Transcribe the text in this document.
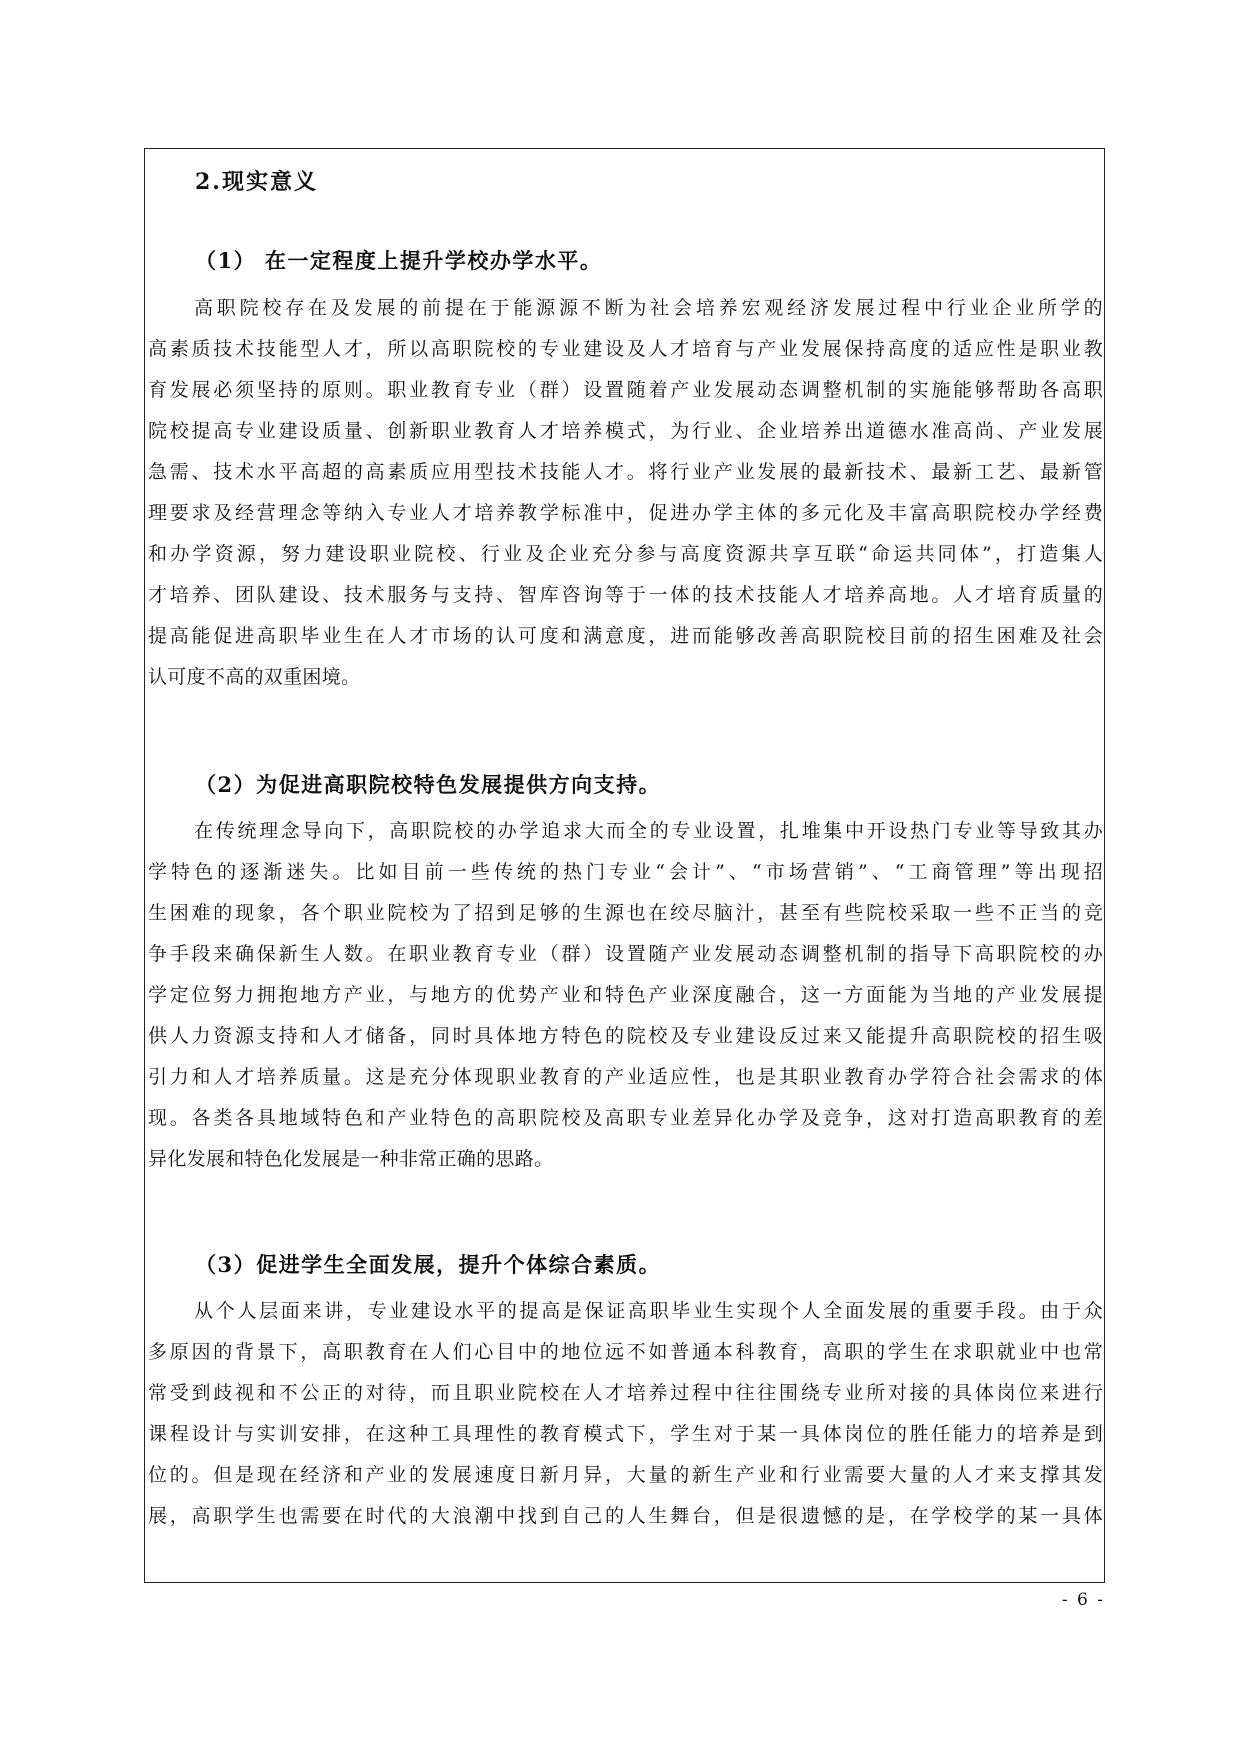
2.现实意义
（1） 在一定程度上提升学校办学水平。
高职院校存在及发展的前提在于能源源不断为社会培养宏观经济发展过程中行业企业所学的
高素质技术技能型人才，所以高职院校的专业建设及人才培育与产业发展保持高度的适应性是职业教
育发展必须坚持的原则。职业教育专业（群）设置随着产业发展动态调整机制的实施能够帮助各高职
院校提高专业建设质量、创新职业教育人才培养模式，为行业、企业培养出道德水准高尚、产业发展
急需、技术水平高超的高素质应用型技术技能人才。将行业产业发展的最新技术、最新工艺、最新管
理要求及经营理念等纳入专业人才培养教学标准中，促进办学主体的多元化及丰富高职院校办学经费
和办学资源，努力建设职业院校、行业及企业充分参与高度资源共享互联“命运共同体”，打造集人
才培养、团队建设、技术服务与支持、智库咨询等于一体的技术技能人才培养高地。人才培育质量的
提高能促进高职毕业生在人才市场的认可度和满意度，进而能够改善高职院校目前的招生困难及社会
认可度不高的双重困境。
（2）为促进高职院校特色发展提供方向支持。
在传统理念导向下，高职院校的办学追求大而全的专业设置，扎堆集中开设热门专业等导致其办
学特色的逐渐迷失。比如目前一些传统的热门专业“会计”、“市场营销”、“工商管理”等出现招
生困难的现象，各个职业院校为了招到足够的生源也在绞尽脑汁，甚至有些院校采取一些不正当的竞
争手段来确保新生人数。在职业教育专业（群）设置随产业发展动态调整机制的指导下高职院校的办
学定位努力拥抱地方产业，与地方的优势产业和特色产业深度融合，这一方面能为当地的产业发展提
供人力资源支持和人才储备，同时具体地方特色的院校及专业建设反过来又能提升高职院校的招生吸
引力和人才培养质量。这是充分体现职业教育的产业适应性，也是其职业教育办学符合社会需求的体
现。各类各具地域特色和产业特色的高职院校及高职专业差异化办学及竞争，这对打造高职教育的差
异化发展和特色化发展是一种非常正确的思路。
（3）促进学生全面发展，提升个体综合素质。
从个人层面来讲，专业建设水平的提高是保证高职毕业生实现个人全面发展的重要手段。由于众
多原因的背景下，高职教育在人们心目中的地位远不如普通本科教育，高职的学生在求职就业中也常
常受到歧视和不公正的对待，而且职业院校在人才培养过程中往往围绕专业所对接的具体岗位来进行
课程设计与实训安排，在这种工具理性的教育模式下，学生对于某一具体岗位的胜任能力的培养是到
位的。但是现在经济和产业的发展速度日新月异，大量的新生产业和行业需要大量的人才来支撑其发
展，高职学生也需要在时代的大浪潮中找到自己的人生舞台，但是很遗憾的是，在学校学的某一具体
- 6 -
